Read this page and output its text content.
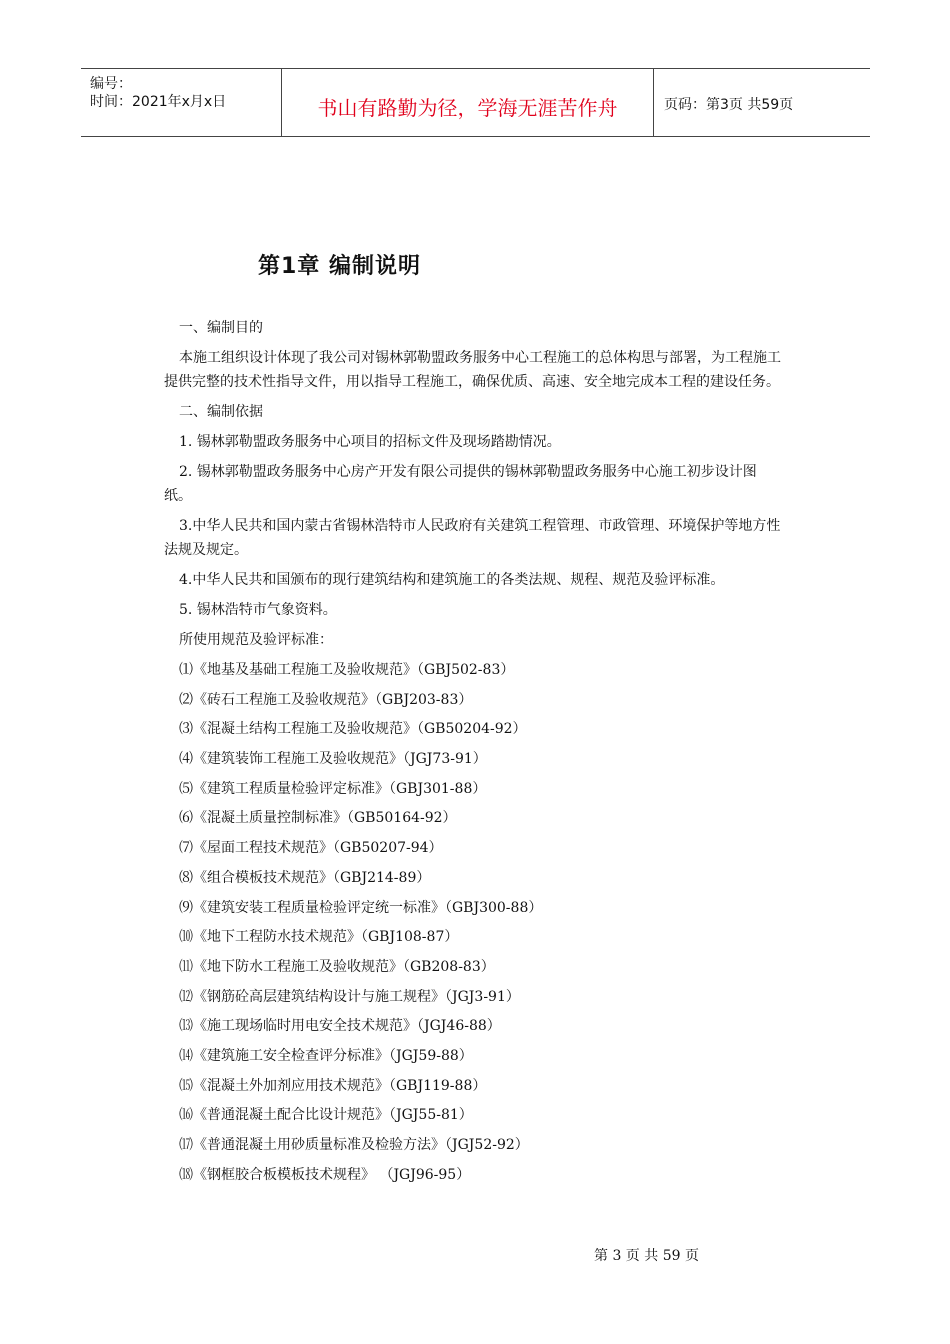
编号：
时间：2021年x月x日	书山有路勤为径，学海无涯苦作舟	页码：第3页 共59页
第1章 编制说明

一、编制目的

本施工组织设计体现了我公司对锡林郭勒盟政务服务中心工程施工的总体构思与部署，为工程施工提供完整的技术性指导文件，用以指导工程施工，确保优质、高速、安全地完成本工程的建设任务。

二、编制依据

1. 锡林郭勒盟政务服务中心项目的招标文件及现场踏勘情况。

2. 锡林郭勒盟政务服务中心房产开发有限公司提供的锡林郭勒盟政务服务中心施工初步设计图纸。

3.中华人民共和国内蒙古省锡林浩特市人民政府有关建筑工程管理、市政管理、环境保护等地方性法规及规定。

4.中华人民共和国颁布的现行建筑结构和建筑施工的各类法规、规程、规范及验评标准。

5. 锡林浩特市气象资料。

所使用规范及验评标准：

⑴《地基及基础工程施工及验收规范》（GBJ502-83）

⑵《砖石工程施工及验收规范》（GBJ203-83）

⑶《混凝土结构工程施工及验收规范》（GB50204-92）

⑷《建筑装饰工程施工及验收规范》（JGJ73-91）

⑸《建筑工程质量检验评定标准》（GBJ301-88）

⑹《混凝土质量控制标准》（GB50164-92）

⑺《屋面工程技术规范》（GB50207-94）

⑻《组合模板技术规范》（GBJ214-89）

⑼《建筑安装工程质量检验评定统一标准》（GBJ300-88）

⑽《地下工程防水技术规范》（GBJ108-87）

⑾《地下防水工程施工及验收规范》（GB208-83）

⑿《钢筋砼高层建筑结构设计与施工规程》（JGJ3-91）

⒀《施工现场临时用电安全技术规范》（JGJ46-88）

⒁《建筑施工安全检查评分标准》（JGJ59-88）

⒂《混凝土外加剂应用技术规范》（GBJ119-88）

⒃《普通混凝土配合比设计规范》（JGJ55-81）

⒄《普通混凝土用砂质量标准及检验方法》（JGJ52-92）

⒅《钢框胶合板模板技术规程》 （JGJ96-95）

第 3 页 共 59 页
